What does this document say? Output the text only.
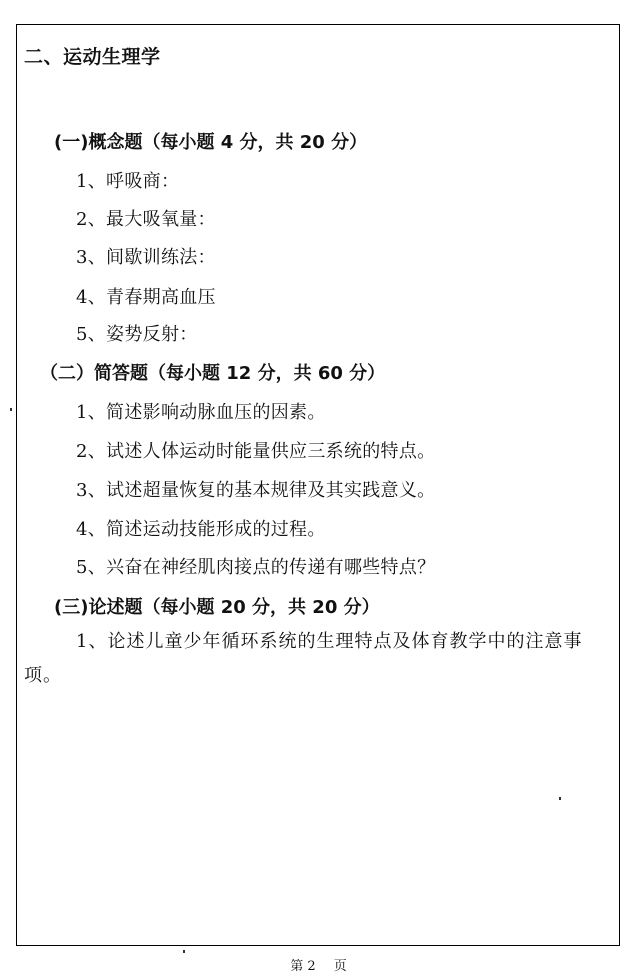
二、运动生理学
(一)概念题（每小题 4 分，共 20 分）
1、呼吸商：
2、最大吸氧量：
3、间歇训练法：
4、青春期高血压
5、姿势反射：
（二）简答题（每小题 12 分，共 60 分）
1、简述影响动脉血压的因素。
2、试述人体运动时能量供应三系统的特点。
3、试述超量恢复的基本规律及其实践意义。
4、简述运动技能形成的过程。
5、兴奋在神经肌肉接点的传递有哪些特点？
(三)论述题（每小题 20 分，共 20 分）
1、论述儿童少年循环系统的生理特点及体育教学中的注意事项。
第 2 页
